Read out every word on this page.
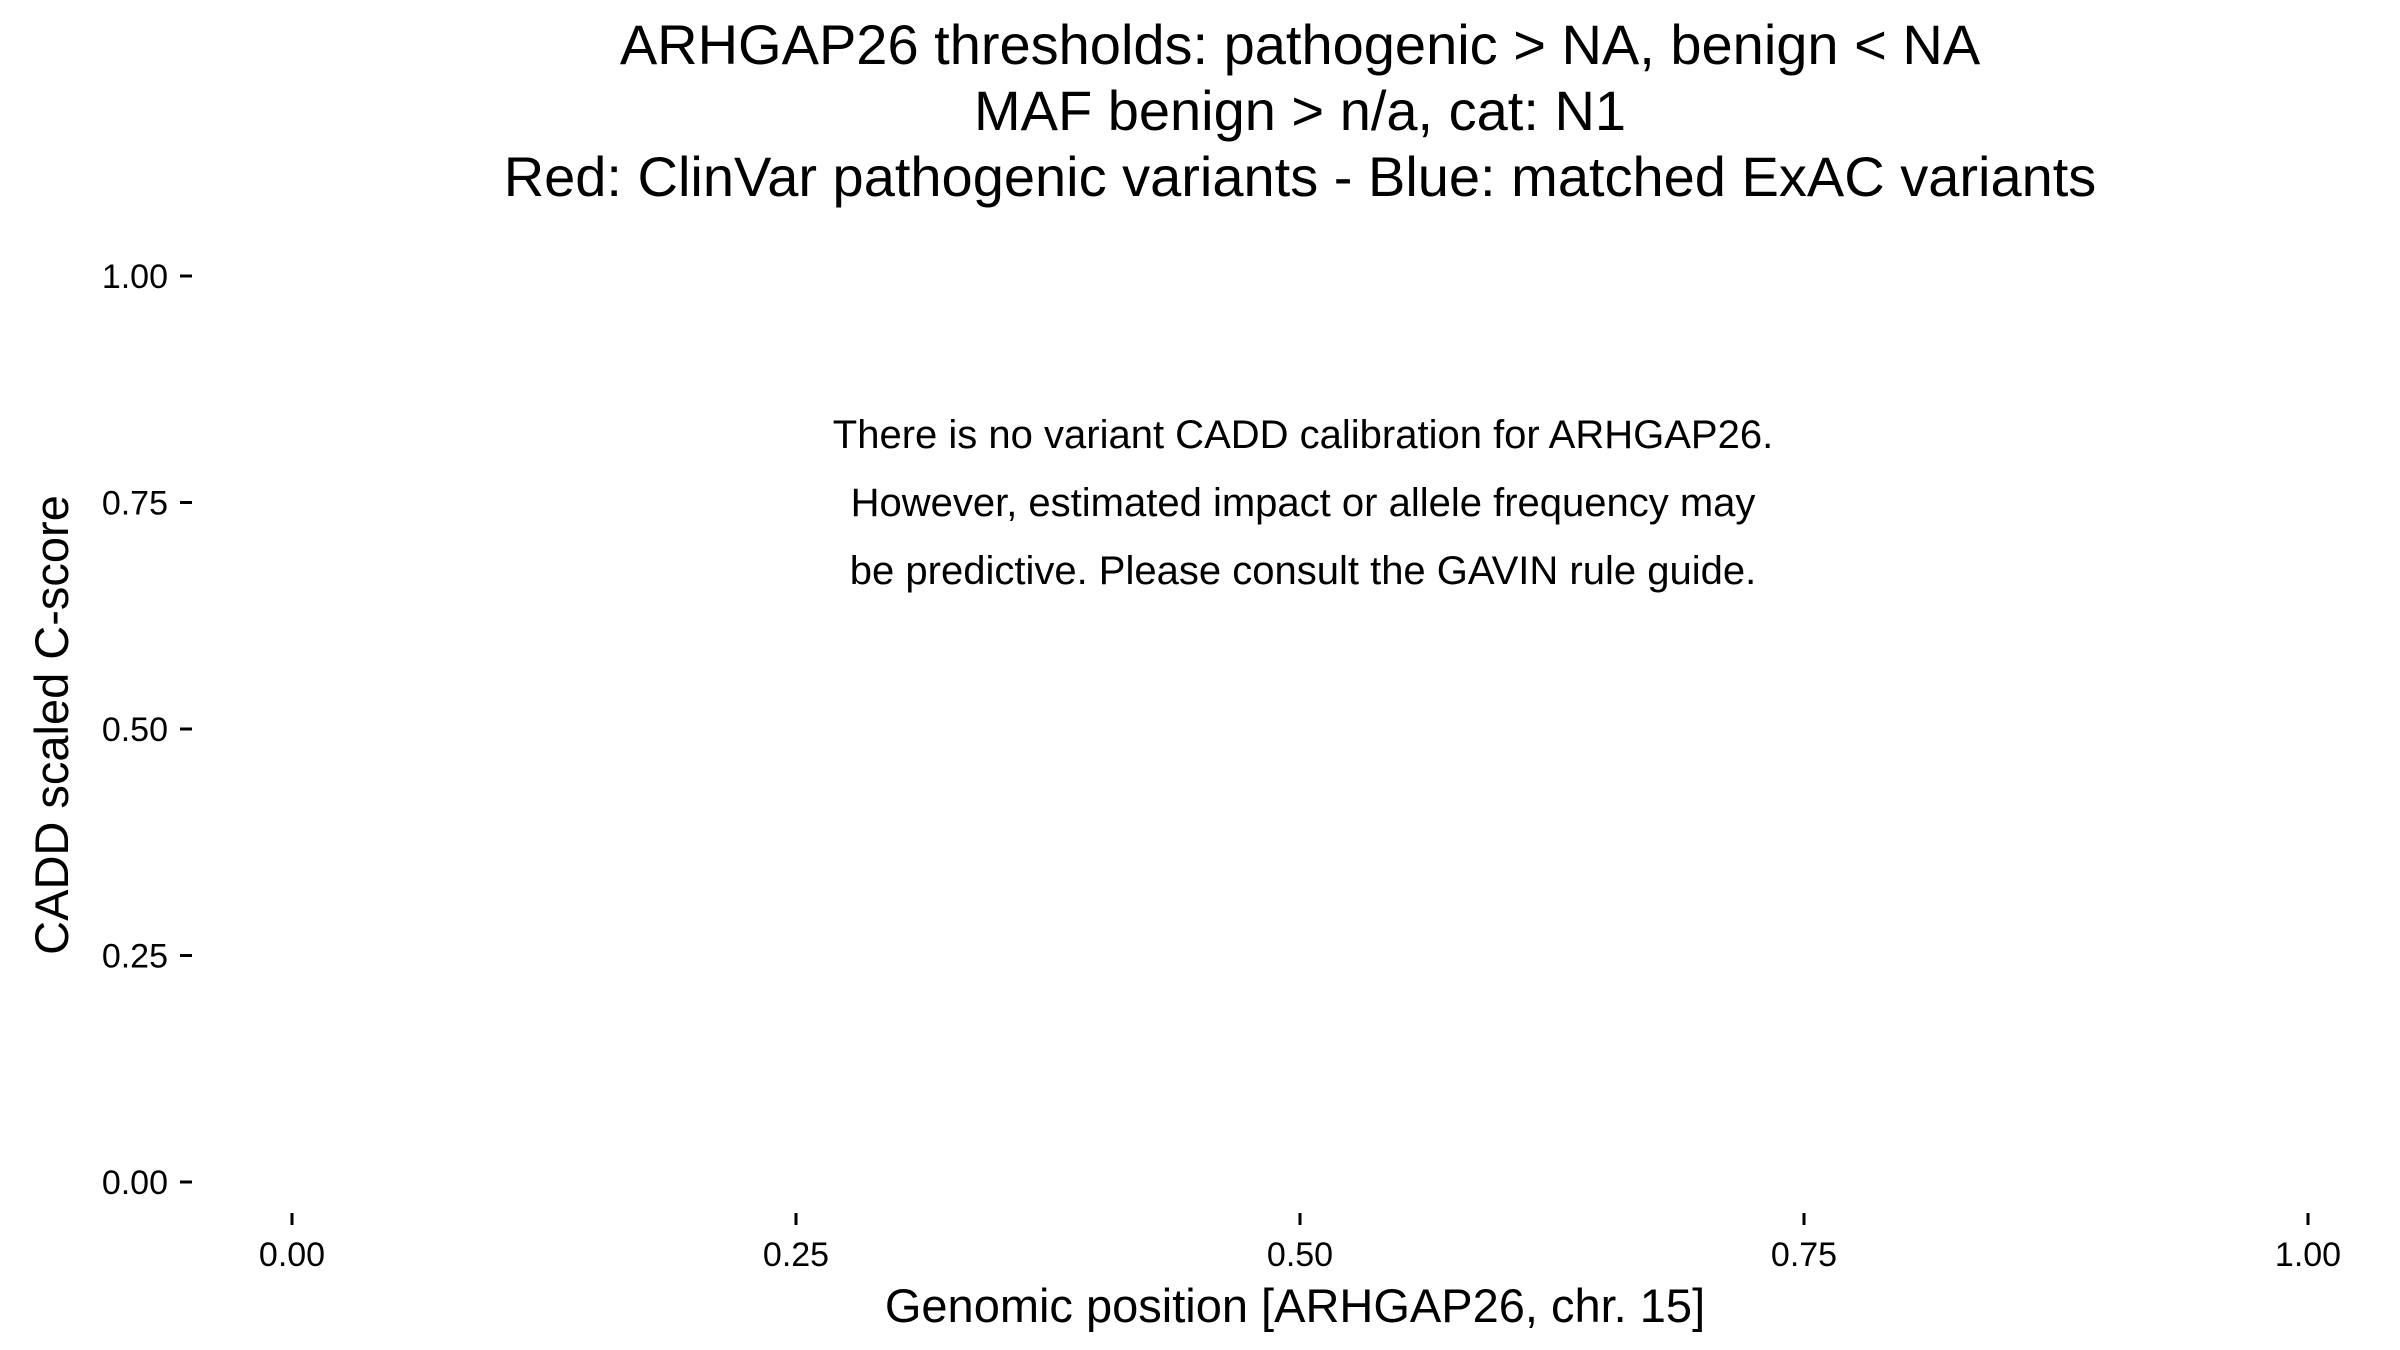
ARHGAP26 thresholds: pathogenic > NA, benign < NA
MAF benign > n/a, cat: N1
Red: ClinVar pathogenic variants - Blue: matched ExAC variants
0.00
0.25
0.50
0.75
1.00
0.00	0.25	0.50	0.75	1.00
There is no variant CADD calibration for ARHGAP26.
However, estimated impact or allele frequency may
be predictive. Please consult the GAVIN rule guide.
Genomic position [ARHGAP26, chr. 15]
CADD scaled C-score
